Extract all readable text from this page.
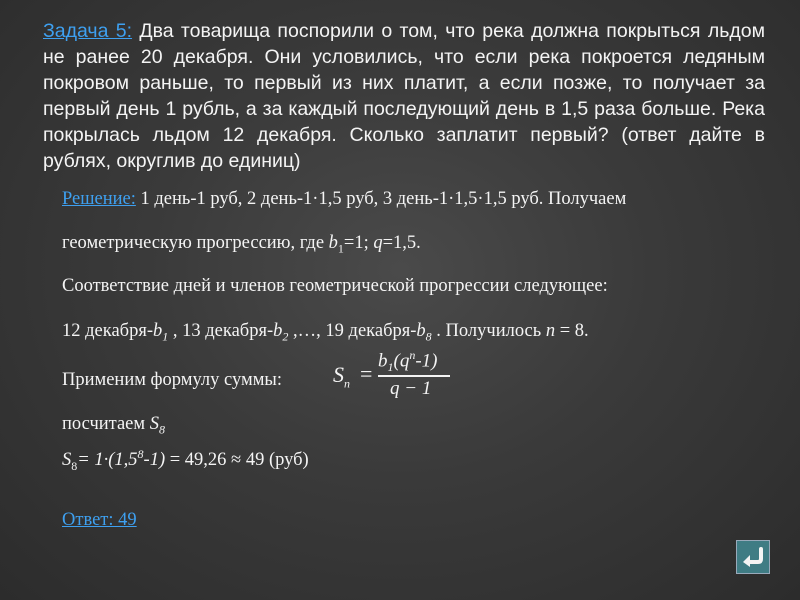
Задача 5: Два товарища поспорили о том, что река должна покрыться льдом не ранее 20 декабря. Они условились, что если река покроется ледяным покровом раньше, то первый из них платит, а если позже, то получает за первый день 1 рубль, а за каждый последующий день в 1,5 раза больше. Река покрылась льдом 12 декабря. Сколько заплатит первый? (ответ дайте в рублях, округлив до единиц)
Решение: 1 день-1 руб, 2 день-1·1,5 руб, 3 день-1·1,5·1,5 руб. Получаем
геометрическую прогрессию, где $b_1=1$; q=1,5.
Соответствие дней и членов геометрической прогрессии следующее:
12 декабря-$b_1$ , 13 декабря-$b_2$ ,…, 19 декабря-$b_8$ . Получилось n = 8.
Применим формулу суммы: $S_n$ =
$b_1(q^n-1)$
q − 1
посчитаем $S_8$
$S_8= 1\cdot(1,5^8-1) = 49,26 \approx 49$ (руб)
Ответ: 49
